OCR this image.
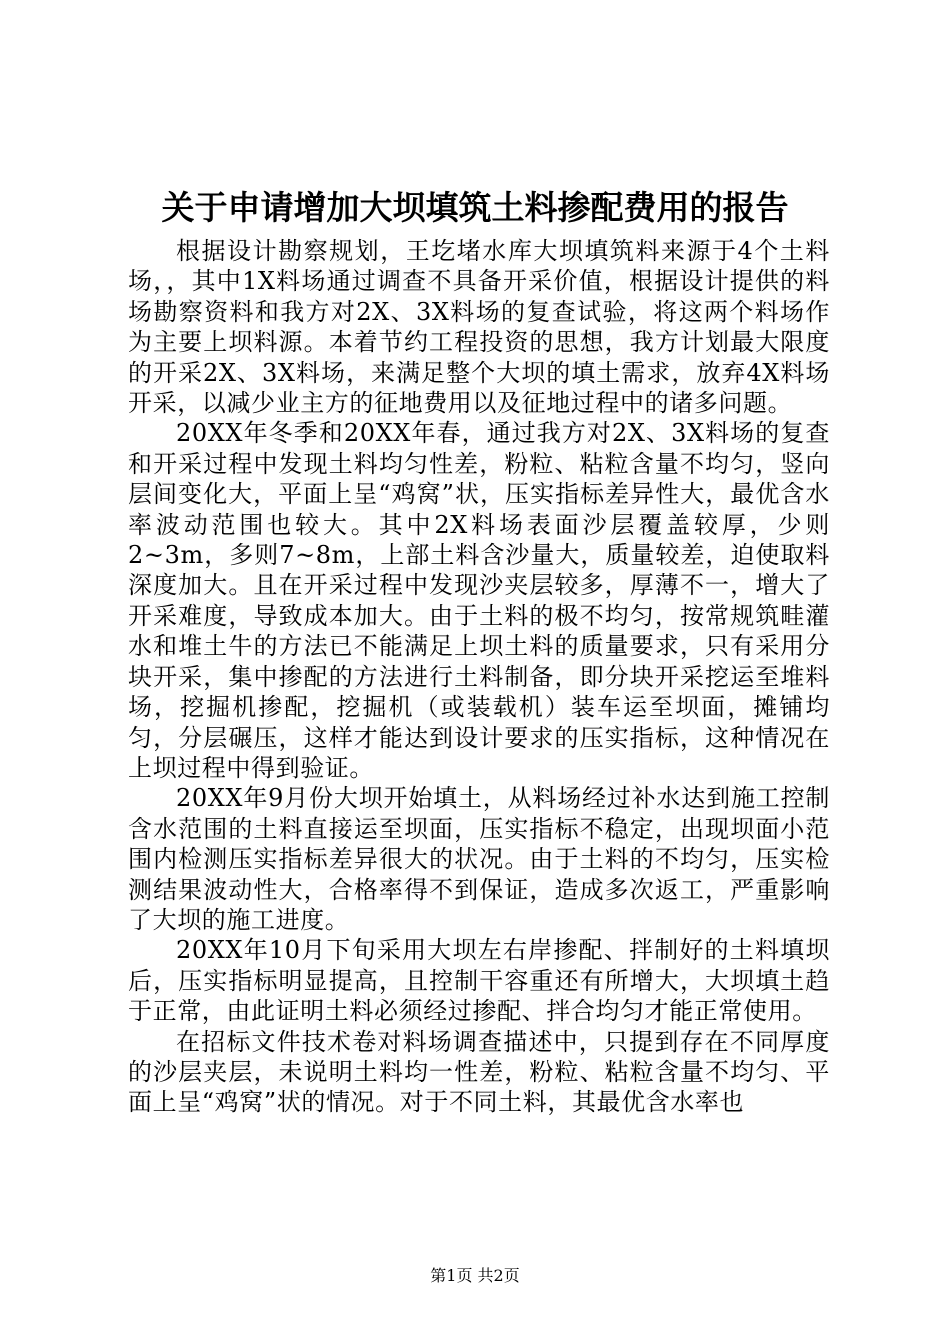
关于申请增加大坝填筑土料掺配费用的报告

根据设计勘察规划，王圪堵水库大坝填筑料来源于4个土料场，，其中1X料场通过调查不具备开采价值，根据设计提供的料场勘察资料和我方对2X、3X料场的复查试验，将这两个料场作为主要上坝料源。本着节约工程投资的思想，我方计划最大限度的开采2X、3X料场，来满足整个大坝的填土需求，放弃4X料场开采，以减少业主方的征地费用以及征地过程中的诸多问题。

20XX年冬季和20XX年春，通过我方对2X、3X料场的复查和开采过程中发现土料均匀性差，粉粒、粘粒含量不均匀，竖向层间变化大，平面上呈“鸡窝”状，压实指标差异性大，最优含水率波动范围也较大。其中2X料场表面沙层覆盖较厚，少则2~3m，多则7~8m，上部土料含沙量大，质量较差，迫使取料深度加大。且在开采过程中发现沙夹层较多，厚薄不一，增大了开采难度，导致成本加大。由于土料的极不均匀，按常规筑畦灌水和堆土牛的方法已不能满足上坝土料的质量要求，只有采用分块开采，集中掺配的方法进行土料制备，即分块开采挖运至堆料场，挖掘机掺配，挖掘机（或装载机）装车运至坝面，摊铺均匀，分层碾压，这样才能达到设计要求的压实指标，这种情况在上坝过程中得到验证。

20XX年9月份大坝开始填土，从料场经过补水达到施工控制含水范围的土料直接运至坝面，压实指标不稳定，出现坝面小范围内检测压实指标差异很大的状况。由于土料的不均匀，压实检测结果波动性大，合格率得不到保证，造成多次返工，严重影响了大坝的施工进度。

20XX年10月下旬采用大坝左右岸掺配、拌制好的土料填坝后，压实指标明显提高，且控制干容重还有所增大，大坝填土趋于正常，由此证明土料必须经过掺配、拌合均匀才能正常使用。

在招标文件技术卷对料场调查描述中，只提到存在不同厚度的沙层夹层，未说明土料均一性差，粉粒、粘粒含量不均匀、平面上呈“鸡窝”状的情况。对于不同土料，其最优含水率也

第1页 共2页
